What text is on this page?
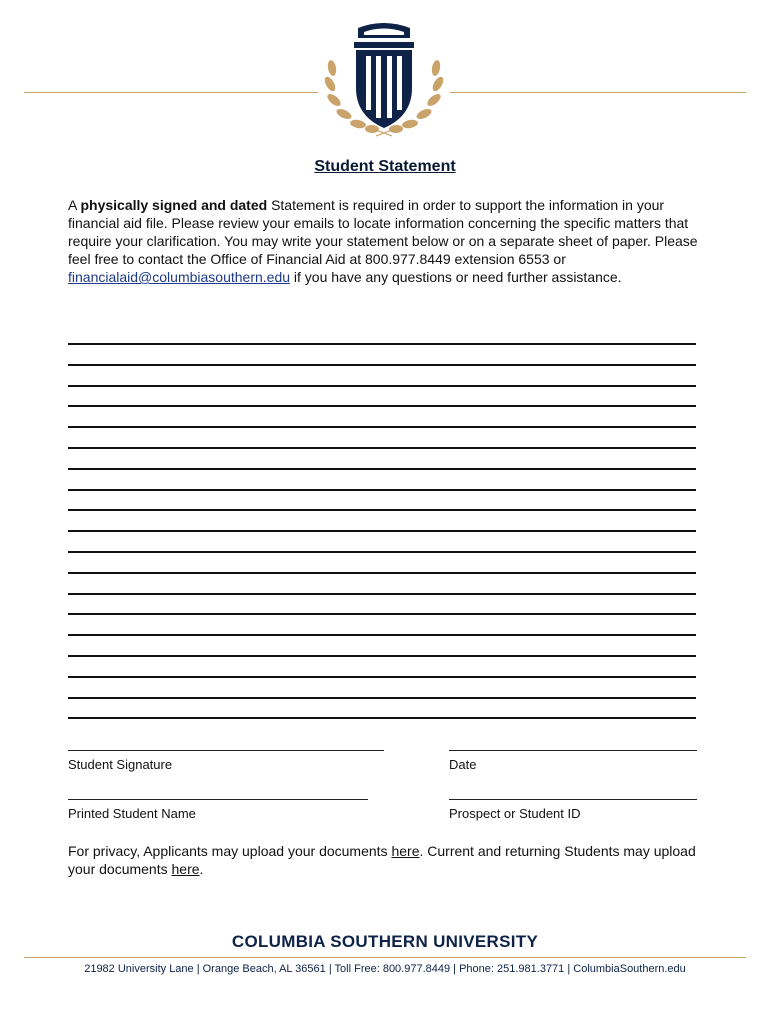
Student Statement
A physically signed and dated Statement is required in order to support the information in your financial aid file. Please review your emails to locate information concerning the specific matters that require your clarification. You may write your statement below or on a separate sheet of paper. Please feel free to contact the Office of Financial Aid at 800.977.8449 extension 6553 or financialaid@columbiasouthern.edu if you have any questions or need further assistance.
Student Signature	Date
Printed Student Name	Prospect or Student ID
For privacy, Applicants may upload your documents here. Current and returning Students may upload your documents here.
COLUMBIA SOUTHERN UNIVERSITY
21982 University Lane | Orange Beach, AL 36561 | Toll Free: 800.977.8449 | Phone: 251.981.3771 | ColumbiaSouthern.edu
